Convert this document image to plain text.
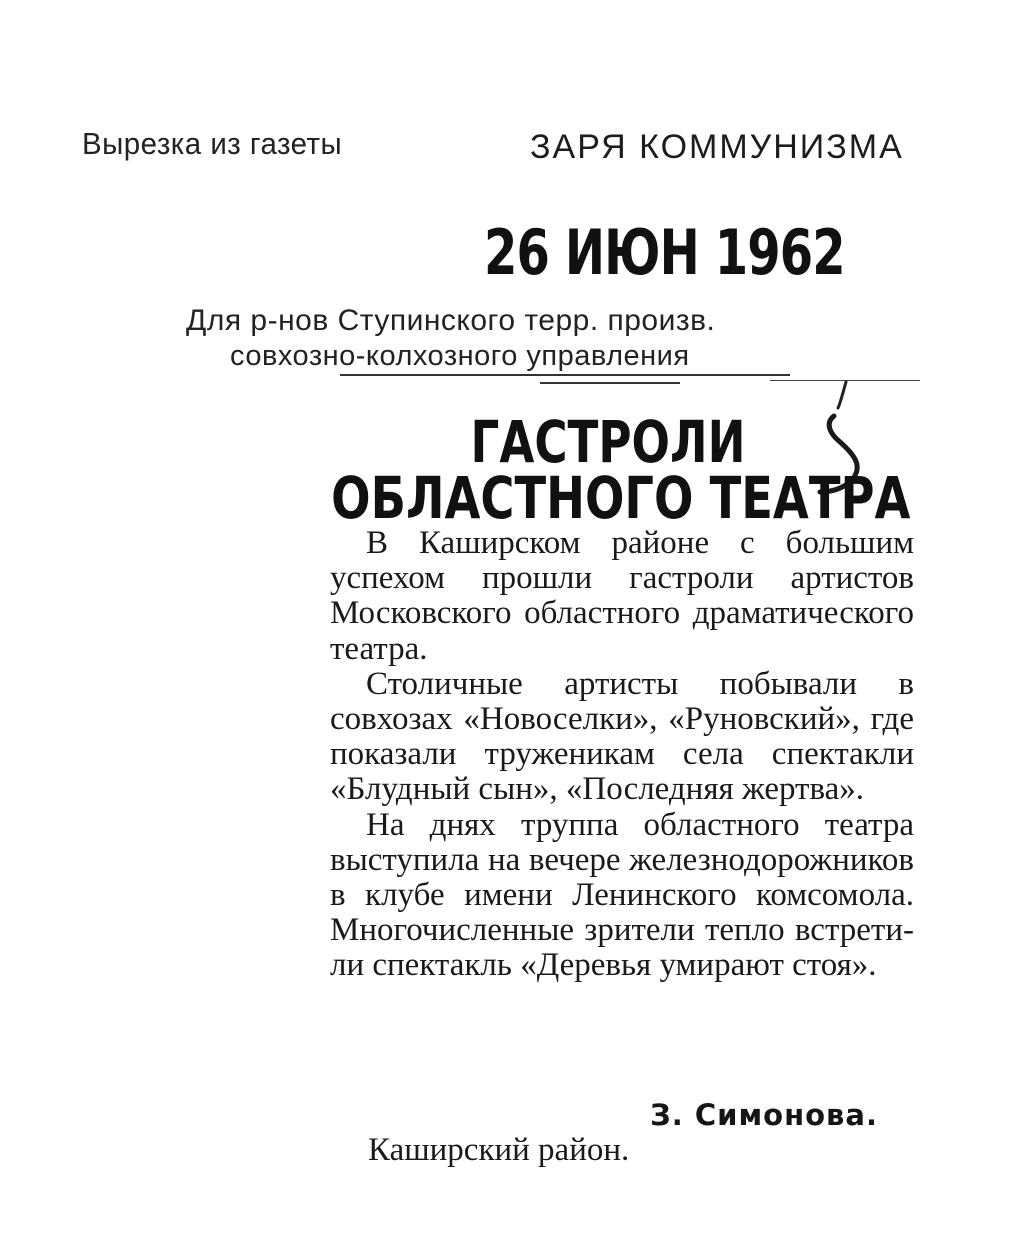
Вырезка из газеты	ЗАРЯ КОММУНИЗМА
26 ИЮН 1962
Для р-нов Ступинского терр. произв.
совхозно-колхозного управления
ГАСТРОЛИ
ОБЛАСТНОГО ТЕАТРА

В Каширском районе с большим успехом прошли гастроли артистов Московского областного драматического театра.

Столичные артисты побывали в совхозах «Новоселки», «Руновский», где показали труженикам села спектакли «Блудный сын», «Последняя жертва».

На днях труппа областного театра выступила на вечере железнодорожников в клубе имени Ленинского комсомола. Многочисленные зрители тепло встретили спектакль «Деревья умирают стоя».

З. Симонова.
Каширский район.
